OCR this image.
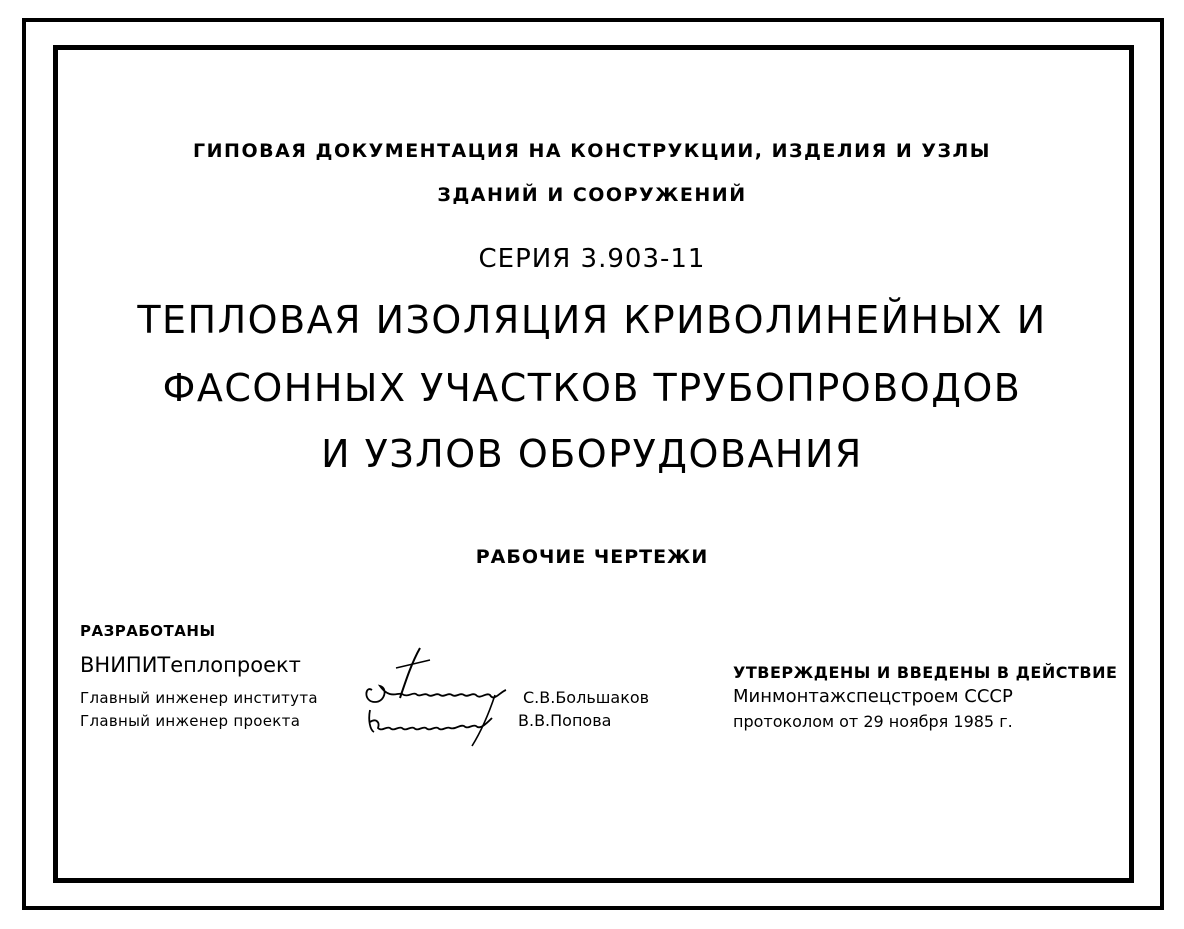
ГИПОВАЯ ДОКУМЕНТАЦИЯ НА КОНСТРУКЦИИ, ИЗДЕЛИЯ И УЗЛЫ
ЗДАНИЙ И СООРУЖЕНИЙ
СЕРИЯ 3.903-11
ТЕПЛОВАЯ ИЗОЛЯЦИЯ КРИВОЛИНЕЙНЫХ И
ФАСОННЫХ УЧАСТКОВ ТРУБОПРОВОДОВ
И УЗЛОВ ОБОРУДОВАНИЯ
РАБОЧИЕ ЧЕРТЕЖИ
РАЗРАБОТАНЫ
ВНИПИТеплопроект
Главный инженер института
Главный инженер проекта
С.В.Большаков
В.В.Попова
УТВЕРЖДЕНЫ И ВВЕДЕНЫ В ДЕЙСТВИЕ
Минмонтажспецстроем СССР
протоколом от 29 ноября 1985 г.
